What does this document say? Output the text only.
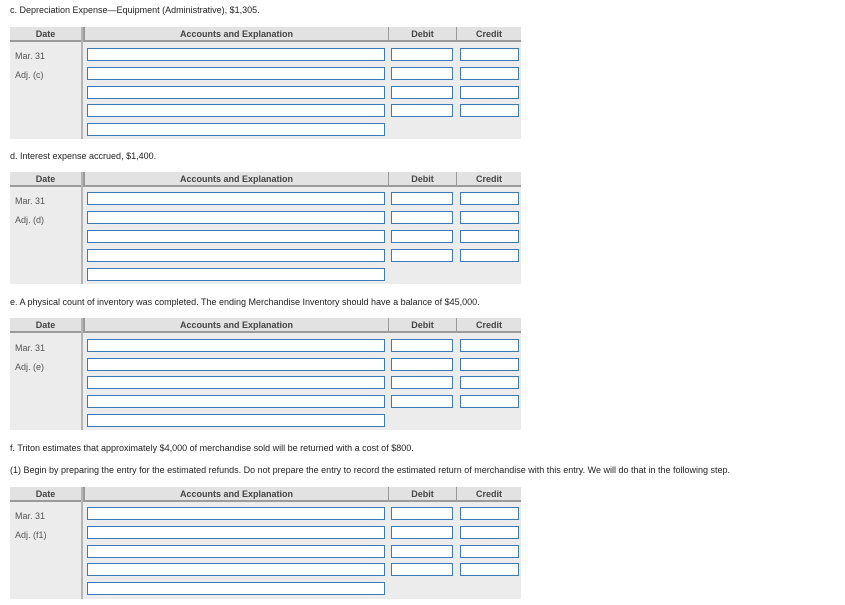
c. Depreciation Expense—Equipment (Administrative), $1,305.
Date	Accounts and Explanation	Debit	Credit
Mar. 31
Adj. (c)
d. Interest expense accrued, $1,400.
Date	Accounts and Explanation	Debit	Credit
Mar. 31
Adj. (d)
e. A physical count of inventory was completed. The ending Merchandise Inventory should have a balance of $45,000.
Date	Accounts and Explanation	Debit	Credit
Mar. 31
Adj. (e)
f. Triton estimates that approximately $4,000 of merchandise sold will be returned with a cost of $800.
(1) Begin by preparing the entry for the estimated refunds. Do not prepare the entry to record the estimated return of merchandise with this entry. We will do that in the following step.
Date	Accounts and Explanation	Debit	Credit
Mar. 31
Adj. (f1)
